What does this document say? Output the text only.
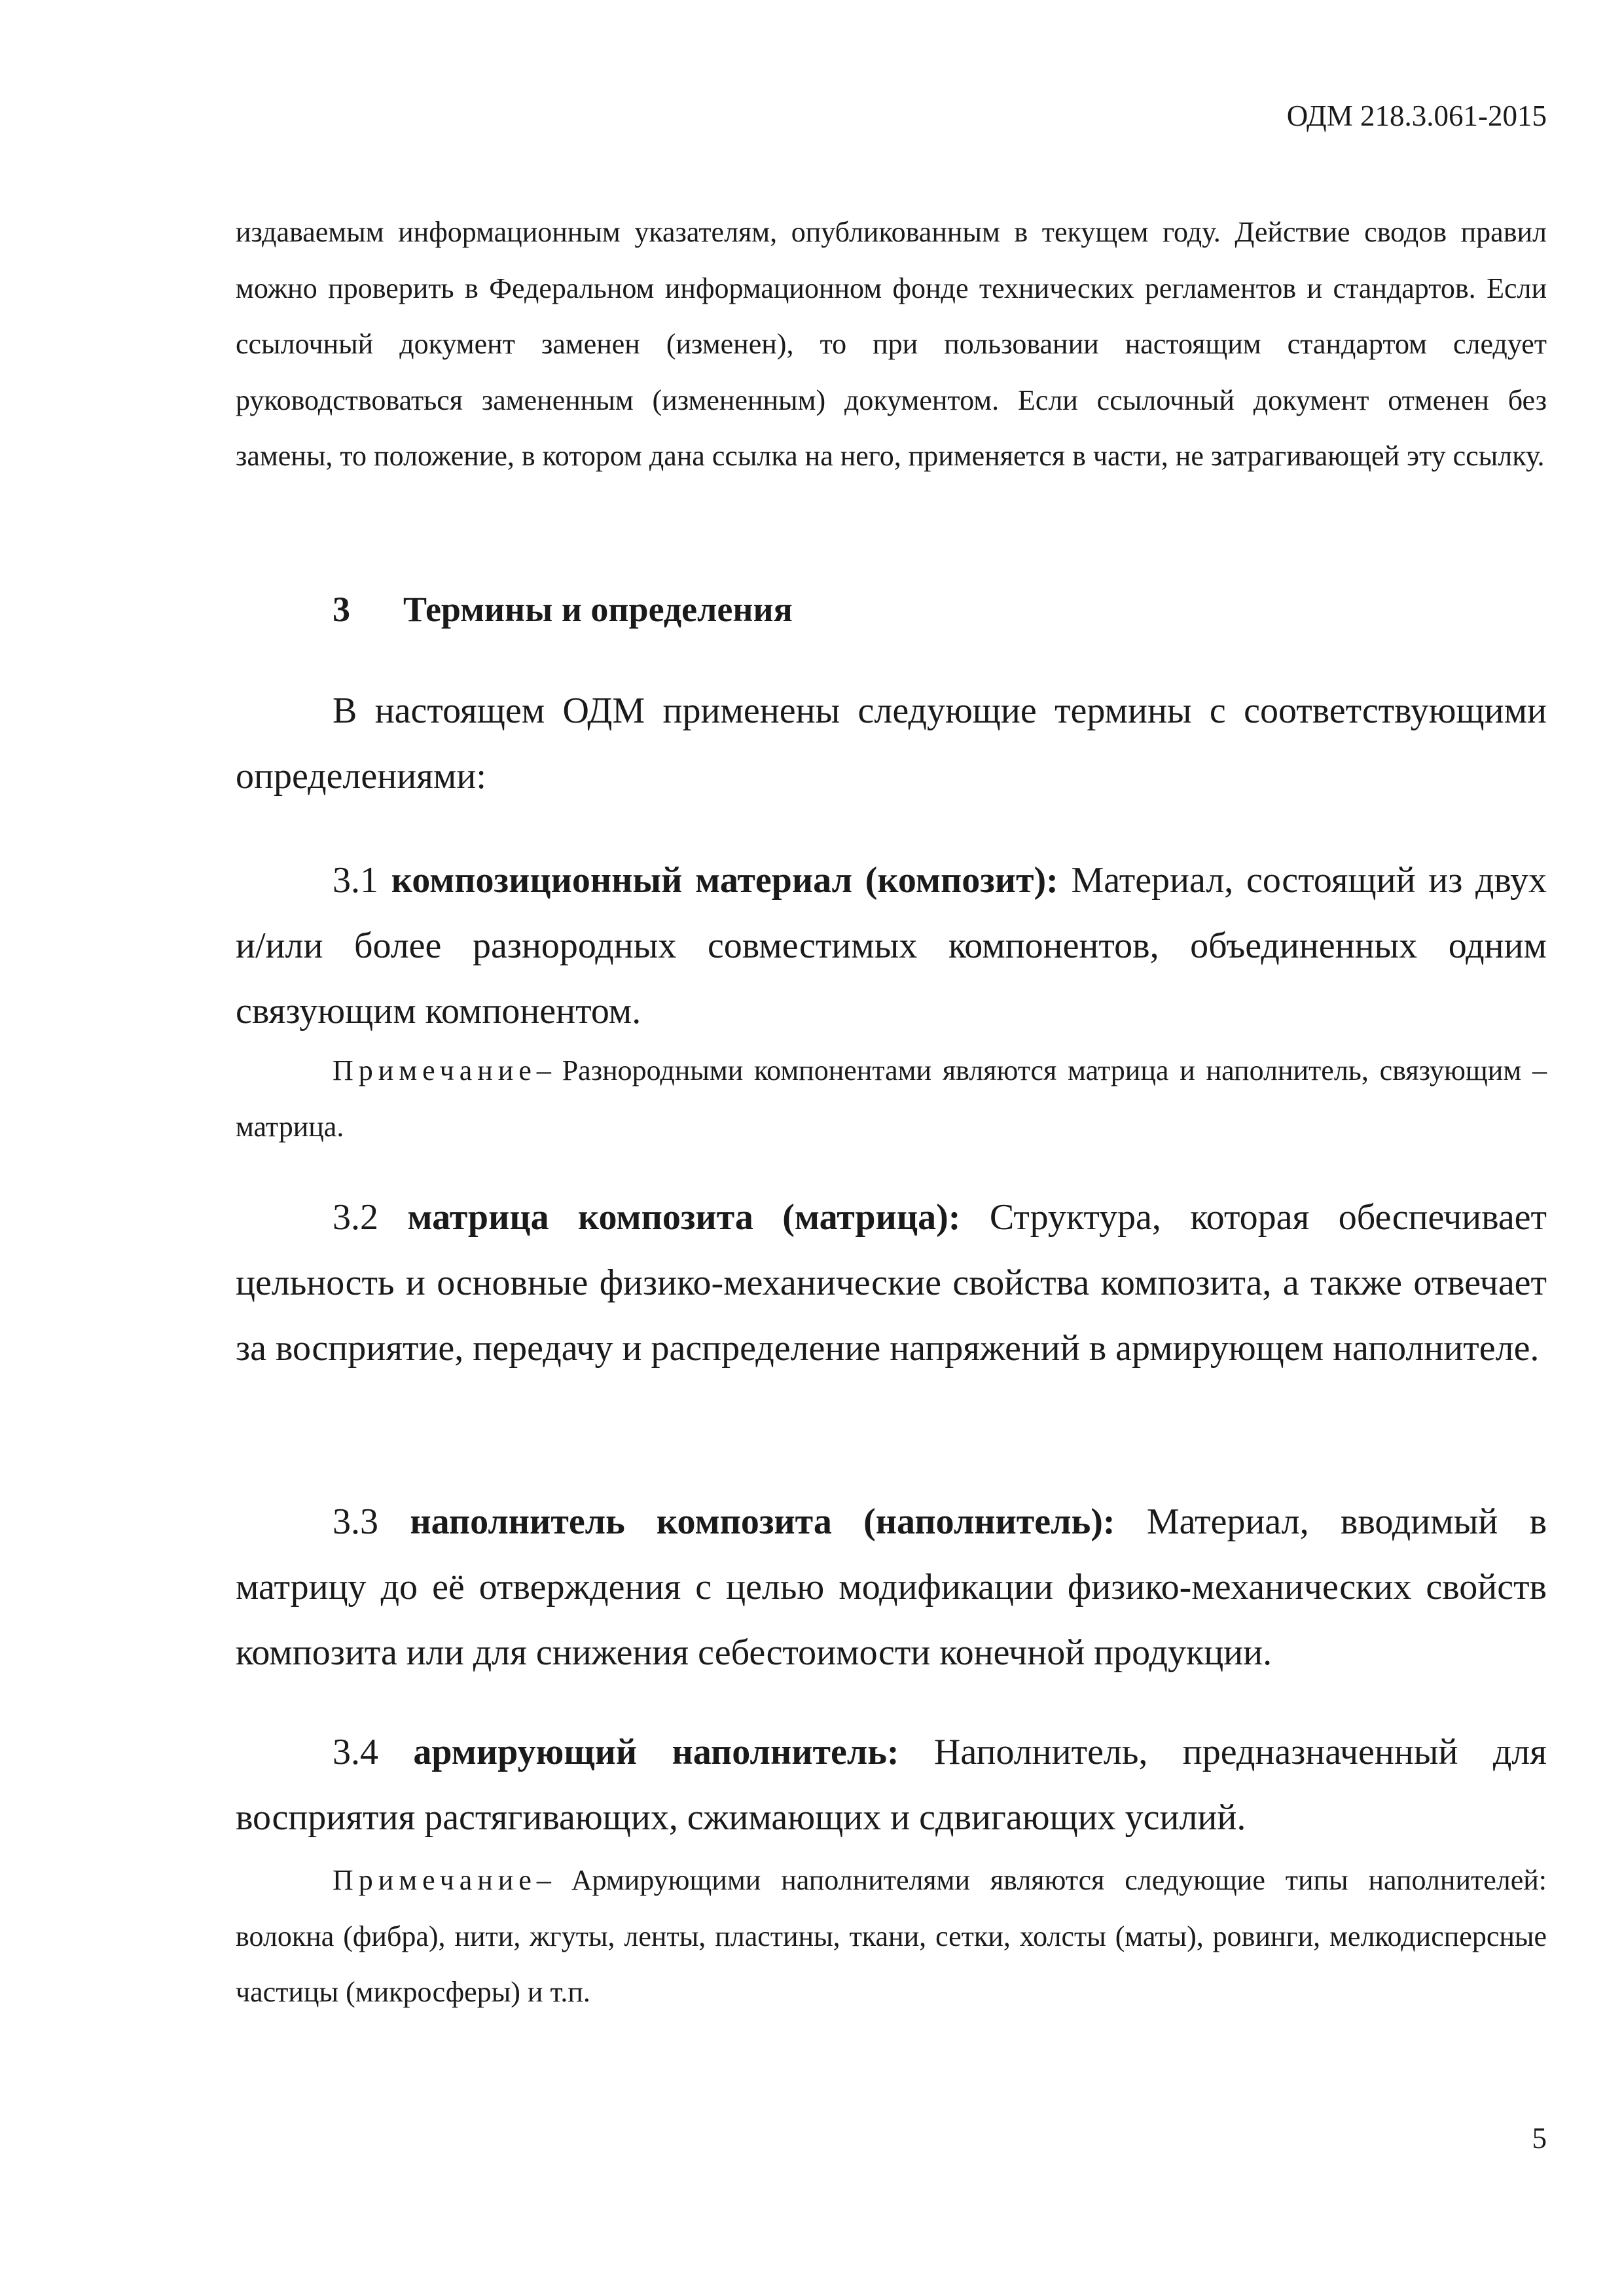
ОДМ 218.3.061-2015

издаваемым информационным указателям, опубликованным в текущем году. Действие сводов правил можно проверить в Федеральном информационном фонде технических регламентов и стандартов. Если ссылочный документ заменен (изменен), то при пользовании настоящим стандартом следует руководствоваться замененным (измененным) документом. Если ссылочный документ отменен без замены, то положение, в котором дана ссылка на него, применяется в части, не затрагивающей эту ссылку.

3 Термины и определения

В настоящем ОДМ применены следующие термины с соответствующими определениями:

3.1 композиционный материал (композит): Материал, состоящий из двух и/или более разнородных совместимых компонентов, объединенных одним связующим компонентом.

Примечание– Разнородными компонентами являются матрица и наполнитель, связующим – матрица.

3.2 матрица композита (матрица): Структура, которая обеспечивает цельность и основные физико-механические свойства композита, а также отвечает за восприятие, передачу и распределение напряжений в армирующем наполнителе.

3.3 наполнитель композита (наполнитель): Материал, вводимый в матрицу до её отверждения с целью модификации физико-механических свойств композита или для снижения себестоимости конечной продукции.

3.4 армирующий наполнитель: Наполнитель, предназначенный для восприятия растягивающих, сжимающих и сдвигающих усилий.

Примечание– Армирующими наполнителями являются следующие типы наполнителей: волокна (фибра), нити, жгуты, ленты, пластины, ткани, сетки, холсты (маты), ровинги, мелкодисперсные частицы (микросферы) и т.п.

5
